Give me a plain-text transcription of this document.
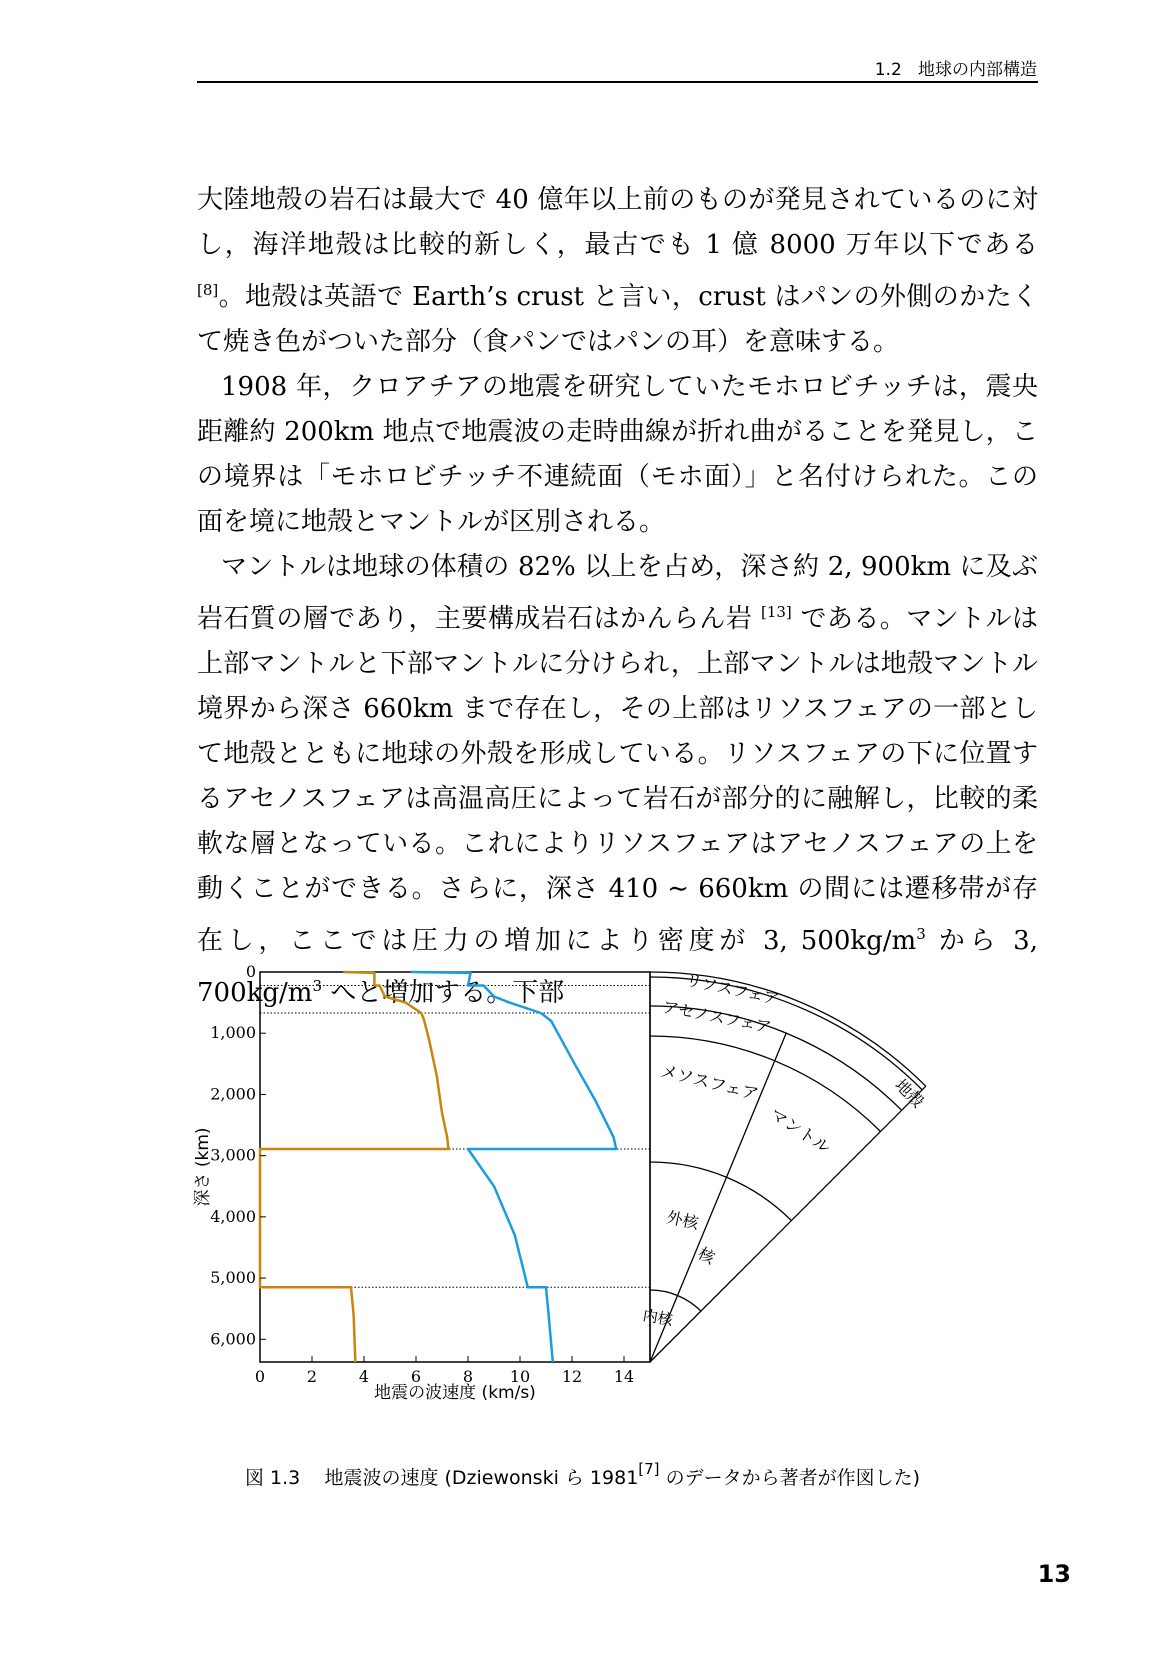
1.2 地球の内部構造

大陸地殻の岩石は最大で 40 億年以上前のものが発見されているのに対し，海洋地殻は比較的新しく，最古でも 1 億 8000 万年以下である [8]。地殻は英語で Earth’s crust と言い，crust はパンの外側のかたくて焼き色がついた部分（食パンではパンの耳）を意味する。

1908 年，クロアチアの地震を研究していたモホロビチッチは，震央距離約 200km 地点で地震波の走時曲線が折れ曲がることを発見し，この境界は「モホロビチッチ不連続面（モホ面）」と名付けられた。この面を境に地殻とマントルが区別される。

マントルは地球の体積の 82% 以上を占め，深さ約 2, 900km に及ぶ岩石質の層であり，主要構成岩石はかんらん岩 [13] である。マントルは上部マントルと下部マントルに分けられ，上部マントルは地殻マントル境界から深さ 660km まで存在し，その上部はリソスフェアの一部として地殻とともに地球の外殻を形成している。リソスフェアの下に位置するアセノスフェアは高温高圧によって岩石が部分的に融解し，比較的柔軟な層となっている。これによりリソスフェアはアセノスフェアの上を動くことができる。さらに，深さ 410 ∼ 660km の間には遷移帯が存在し，ここでは圧力の増加により密度が 3, $500kg/m^3$ から 3, $700kg/m^3$ へと増加する。下部

0	2	4	6	8 10 12 14
0
1,000
2,000
3,000
4,000
5,000
6,000
地震の波速度 (km/s)
深さ (km)
リソスフェア
アセノスフェア
メソスフェア
マントル
地殻
外核
核
内核
図 1.3 地震波の速度 (Dziewonski ら 1981[7] のデータから著者が作図した)
13
